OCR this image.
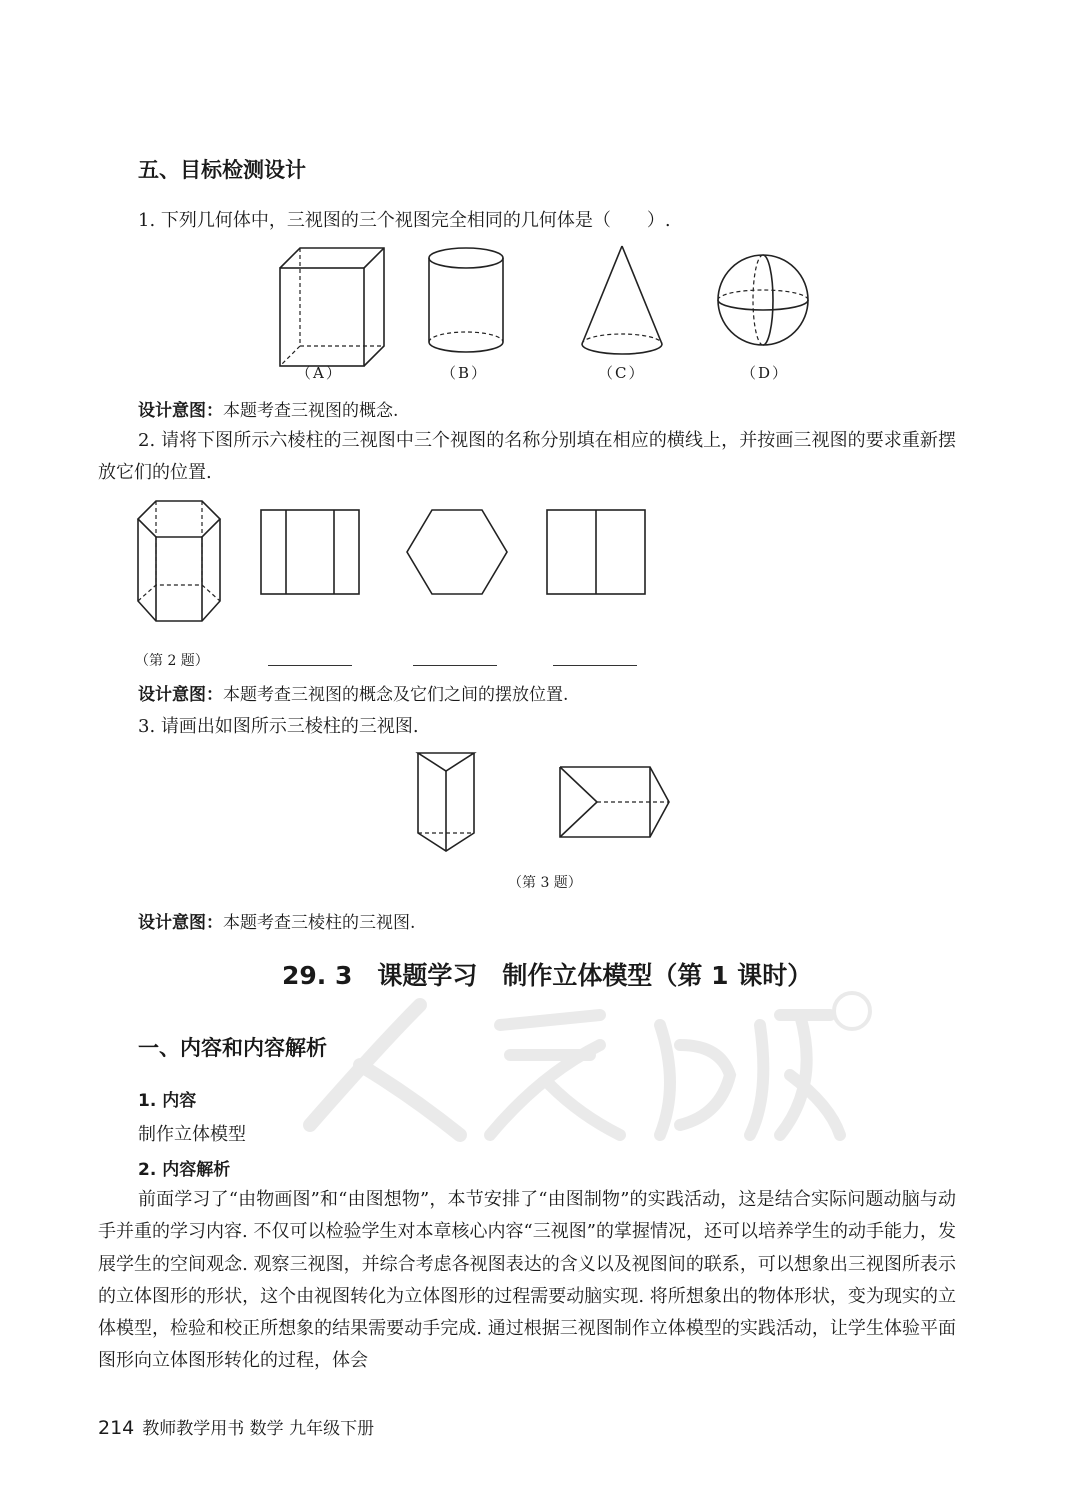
五、目标检测设计
1. 下列几何体中，三视图的三个视图完全相同的几何体是（　　）.
（A）	（B）	（C）	（D）
设计意图：本题考查三视图的概念.
2. 请将下图所示六棱柱的三视图中三个视图的名称分别填在相应的横线上，并按画三视图的要求重新摆放它们的位置.
（第 2 题）
设计意图：本题考查三视图的概念及它们之间的摆放位置.
3. 请画出如图所示三棱柱的三视图.
（第 3 题）
设计意图：本题考查三棱柱的三视图.
29. 3　课题学习　制作立体模型（第 1 课时）
一、内容和内容解析
1. 内容
制作立体模型
2. 内容解析
前面学习了“由物画图”和“由图想物”，本节安排了“由图制物”的实践活动，这是结合实际问题动脑与动手并重的学习内容. 不仅可以检验学生对本章核心内容“三视图”的掌握情况，还可以培养学生的动手能力，发展学生的空间观念. 观察三视图，并综合考虑各视图表达的含义以及视图间的联系，可以想象出三视图所表示的立体图形的形状，这个由视图转化为立体图形的过程需要动脑实现. 将所想象出的物体形状，变为现实的立体模型，检验和校正所想象的结果需要动手完成. 通过根据三视图制作立体模型的实践活动，让学生体验平面图形向立体图形转化的过程，体会
214 教师教学用书 数学 九年级下册
